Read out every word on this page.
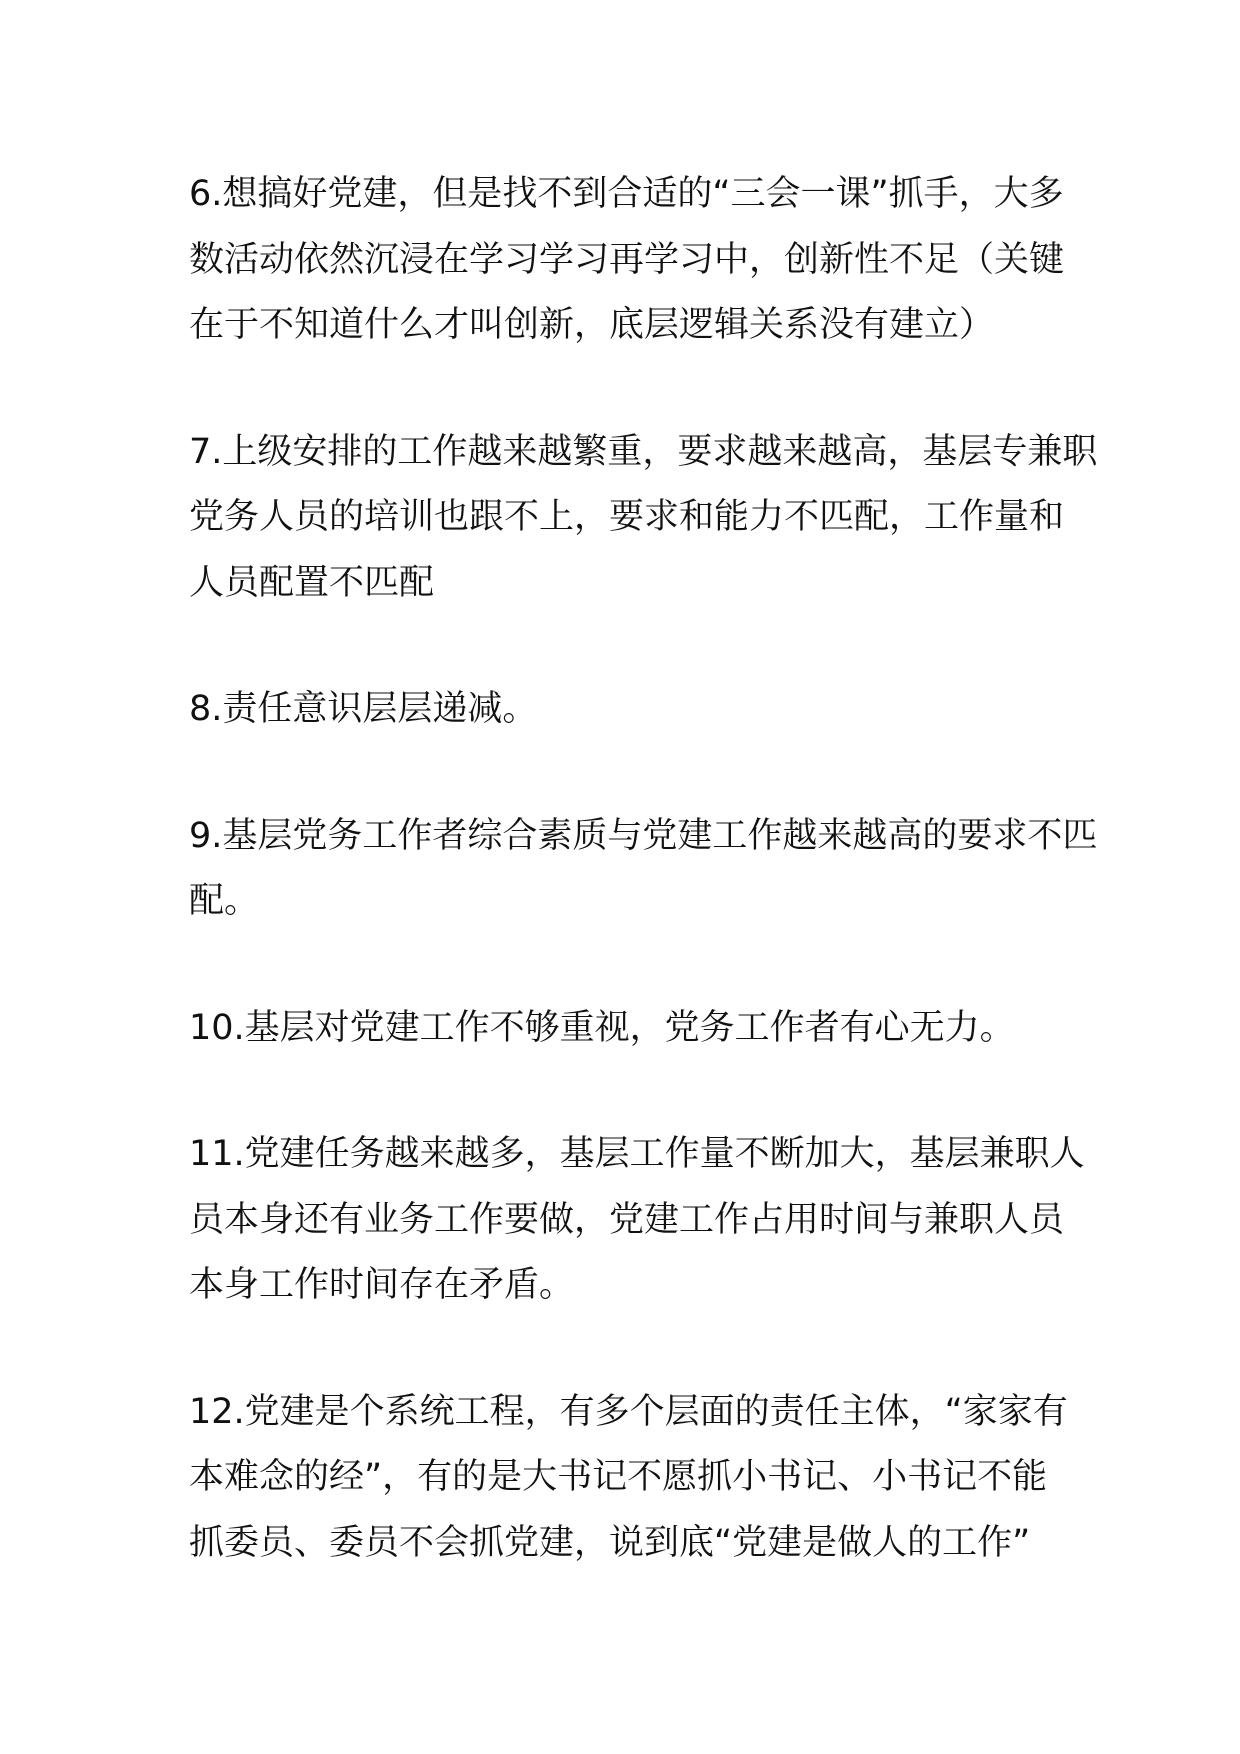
6.想搞好党建，但是找不到合适的“三会一课”抓手，大多
数活动依然沉浸在学习学习再学习中，创新性不足（关键
在于不知道什么才叫创新，底层逻辑关系没有建立）

7.上级安排的工作越来越繁重，要求越来越高，基层专兼职
党务人员的培训也跟不上，要求和能力不匹配，工作量和
人员配置不匹配

8.责任意识层层递减。

9.基层党务工作者综合素质与党建工作越来越高的要求不匹
配。

10.基层对党建工作不够重视，党务工作者有心无力。

11.党建任务越来越多，基层工作量不断加大，基层兼职人
员本身还有业务工作要做，党建工作占用时间与兼职人员
本身工作时间存在矛盾。

12.党建是个系统工程，有多个层面的责任主体，“家家有
本难念的经”，有的是大书记不愿抓小书记、小书记不能
抓委员、委员不会抓党建，说到底“党建是做人的工作”
